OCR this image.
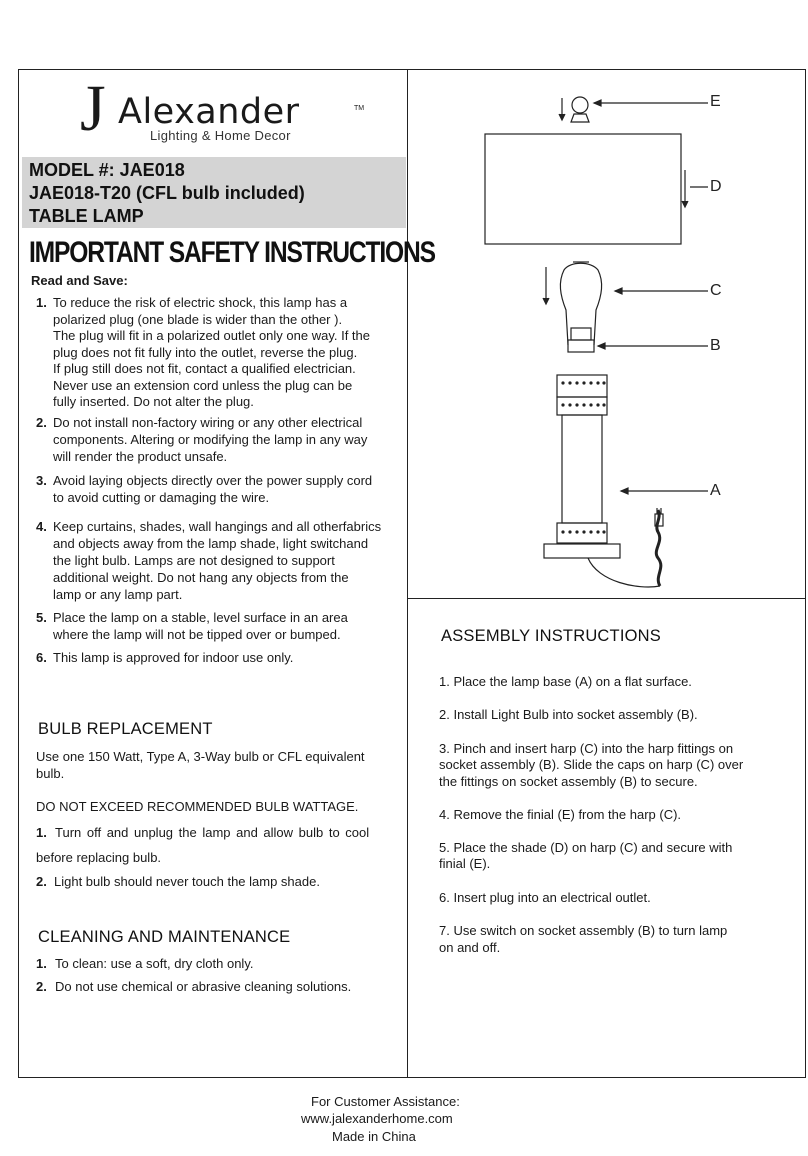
J Alexander	TM
Lighting & Home Decor
MODEL #: JAE018
JAE018-T20 (CFL bulb included)
TABLE LAMP
IMPORTANT SAFETY INSTRUCTIONS
Read and Save:
1. To reduce the risk of electric shock, this lamp has a
polarized plug (one blade is wider than the other ).
The plug will fit in a polarized outlet only one way. If the
plug does not fit fully into the outlet, reverse the plug.
If plug still does not fit, contact a qualified electrician.
Never use an extension cord unless the plug can be
fully inserted. Do not alter the plug.
2. Do not install non-factory wiring or any other electrical
components. Altering or modifying the lamp in any way
will render the product unsafe.
3. Avoid laying objects directly over the power supply cord
to avoid cutting or damaging the wire.
4. Keep curtains, shades, wall hangings and all otherfabrics
and objects away from the lamp shade, light switchand
the light bulb. Lamps are not designed to support
additional weight. Do not hang any objects from the
lamp or any lamp part.
5. Place the lamp on a stable, level surface in an area
where the lamp will not be tipped over or bumped.
6. This lamp is approved for indoor use only.
BULB REPLACEMENT
Use one 150 Watt, Type A, 3-Way bulb or CFL equivalent
bulb.
DO NOT EXCEED RECOMMENDED BULB WATTAGE.
1. Turn off and unplug the lamp and allow bulb to cool
before replacing bulb.
2. Light bulb should never touch the lamp shade.
CLEANING AND MAINTENANCE
1. To clean: use a soft, dry cloth only.
2. Do not use chemical or abrasive cleaning solutions.
ASSEMBLY INSTRUCTIONS
1. Place the lamp base (A) on a flat surface.
2. Install Light Bulb into socket assembly (B).
3. Pinch and insert harp (C) into the harp fittings on
socket assembly (B). Slide the caps on harp (C) over
the fittings on socket assembly (B) to secure.
4. Remove the finial (E) from the harp (C).
5. Place the shade (D) on harp (C) and secure with
finial (E).
6. Insert plug into an electrical outlet.
7. Use switch on socket assembly (B) to turn lamp
on and off.
E
D
C
B
A
For Customer Assistance:
www.jalexanderhome.com
Made in China
